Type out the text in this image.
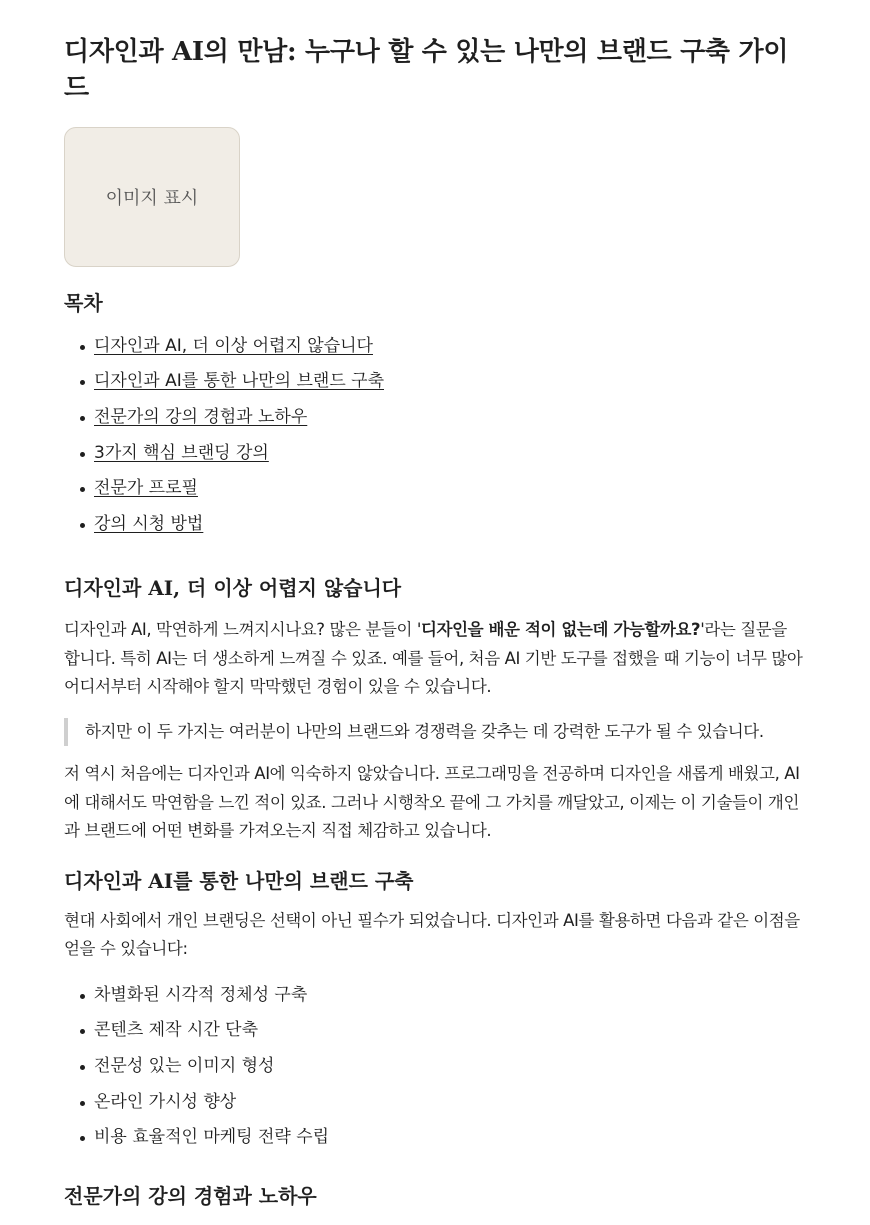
디자인과 AI의 만남: 누구나 할 수 있는 나만의 브랜드 구축 가이드
이미지 표시
목차
디자인과 AI, 더 이상 어렵지 않습니다
디자인과 AI를 통한 나만의 브랜드 구축
전문가의 강의 경험과 노하우
3가지 핵심 브랜딩 강의
전문가 프로필
강의 시청 방법
디자인과 AI, 더 이상 어렵지 않습니다

디자인과 AI, 막연하게 느껴지시나요? 많은 분들이 '디자인을 배운 적이 없는데 가능할까요?'라는 질문을 합니다. 특히 AI는 더 생소하게 느껴질 수 있죠. 예를 들어, 처음 AI 기반 도구를 접했을 때 기능이 너무 많아 어디서부터 시작해야 할지 막막했던 경험이 있을 수 있습니다.

하지만 이 두 가지는 여러분이 나만의 브랜드와 경쟁력을 갖추는 데 강력한 도구가 될 수 있습니다.

저 역시 처음에는 디자인과 AI에 익숙하지 않았습니다. 프로그래밍을 전공하며 디자인을 새롭게 배웠고, AI에 대해서도 막연함을 느낀 적이 있죠. 그러나 시행착오 끝에 그 가치를 깨달았고, 이제는 이 기술들이 개인과 브랜드에 어떤 변화를 가져오는지 직접 체감하고 있습니다.

디자인과 AI를 통한 나만의 브랜드 구축

현대 사회에서 개인 브랜딩은 선택이 아닌 필수가 되었습니다. 디자인과 AI를 활용하면 다음과 같은 이점을 얻을 수 있습니다:

차별화된 시각적 정체성 구축
콘텐츠 제작 시간 단축
전문성 있는 이미지 형성
온라인 가시성 향상
비용 효율적인 마케팅 전략 수립
전문가의 강의 경험과 노하우
